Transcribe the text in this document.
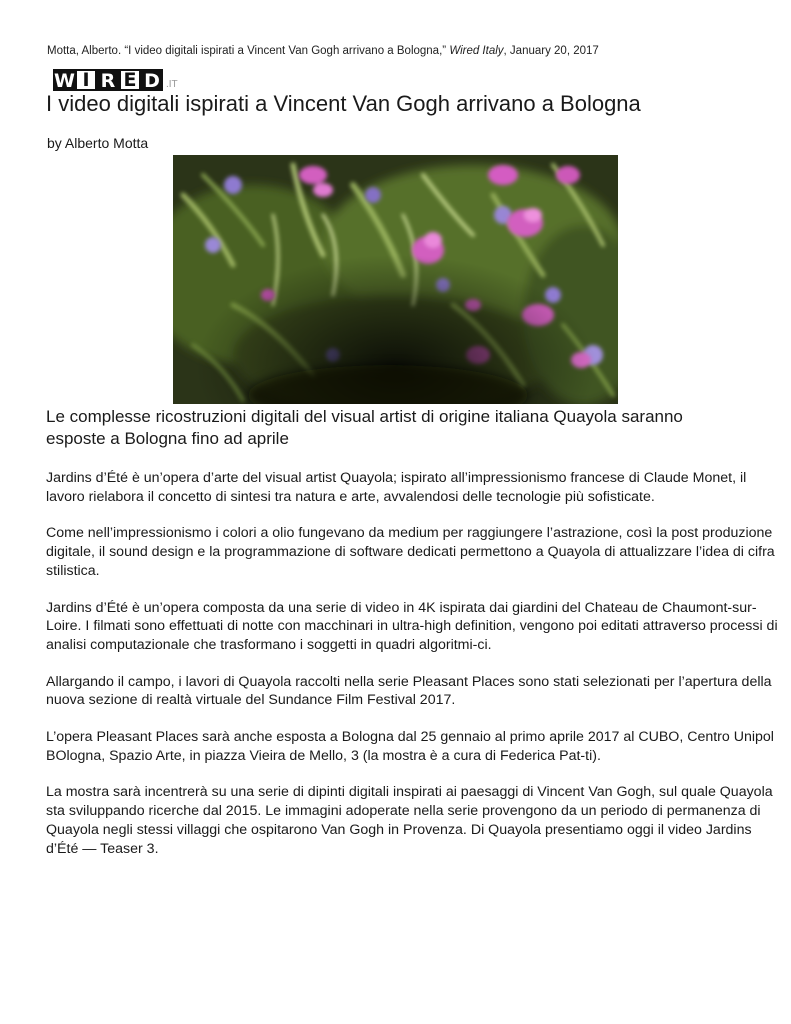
Motta, Alberto. “I video digitali ispirati a Vincent Van Gogh arrivano a Bologna,” Wired Italy, January 20, 2017
W I R E D .IT
I video digitali ispirati a Vincent Van Gogh arrivano a Bologna
by Alberto Motta
Le complesse ricostruzioni digitali del visual artist di origine italiana Quayola saranno esposte a Bologna fino ad aprile

Jardins d’Été è un’opera d’arte del visual artist Quayola; ispirato all’impressionismo francese di Claude Monet, il lavoro rielabora il concetto di sintesi tra natura e arte, avvalendosi delle tecnologie più sofisticate.

Come nell’impressionismo i colori a olio fungevano da medium per raggiungere l’astrazione, così la post produzione digitale, il sound design e la programmazione di software dedicati permettono a Quayola di attualizzare l’idea di cifra stilistica.

Jardins d’Été è un’opera composta da una serie di video in 4K ispirata dai giardini del Chateau de Chaumont-sur-Loire. I filmati sono effettuati di notte con macchinari in ultra-high definition, vengono poi editati attraverso processi di analisi computazionale che trasformano i soggetti in quadri algoritmi-ci.

Allargando il campo, i lavori di Quayola raccolti nella serie Pleasant Places sono stati selezionati per l’apertura della nuova sezione di realtà virtuale del Sundance Film Festival 2017.

L’opera Pleasant Places sarà anche esposta a Bologna dal 25 gennaio al primo aprile 2017 al CUBO, Centro Unipol BOlogna, Spazio Arte, in piazza Vieira de Mello, 3 (la mostra è a cura di Federica Pat-ti).

La mostra sarà incentrerà su una serie di dipinti digitali inspirati ai paesaggi di Vincent Van Gogh, sul quale Quayola sta sviluppando ricerche dal 2015. Le immagini adoperate nella serie provengono da un periodo di permanenza di Quayola negli stessi villaggi che ospitarono Van Gogh in Provenza. Di Quayola presentiamo oggi il video Jardins d’Été — Teaser 3.
